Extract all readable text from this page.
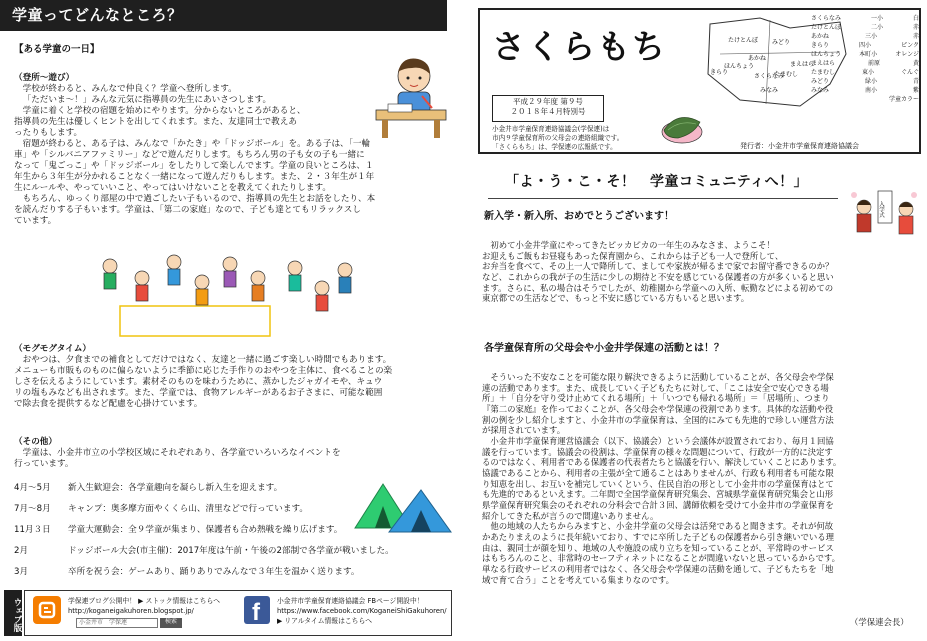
学童ってどんなところ？
【ある学童の一日】
（登所～遊び）

学校が終わると、みんなで仲良く？学童へ登所します。

「ただいま～！」みんな元気に指導員の先生にあいさつします。

学童に着くと学校の宿題を始めにやります。分からないところがあると、

指導員の先生は優しくヒントを出してくれます。また、友達同士で教えあ

ったりもします。

宿題が終わると、ある子は、みんなで「かたき」や「ドッジボール」を。ある子は、「一輪

車」や「シルバニアファミリー」などで遊んだりします。もちろん男の子も女の子も一緒に

なって「鬼ごっこ」や「ドッジボール」をしたりして楽しんでます。学童の良いところは、１

年生から３年生が分かれることなく一緒になって遊んだりもします。また、２・３年生が１年

生にルールや、やっていいこと、やってはいけないことを教えてくれたりします。

もちろん、ゆっくり部屋の中で過ごしたい子もいるので、指導員の先生とお話をしたり、本

を読んだりする子もいます。学童は、「第二の家庭」なので、子ども達とてもリラックスし

ています。

（モグモグタイム）

おやつは、夕食までの補食としてだけではなく、友達と一緒に過ごす楽しい時間でもあります。

メニューも市販ものものに偏らないように季節に応じた手作りのおやつを主体に、食べることの楽

しさを伝えるようにしています。素材そのものを味わうために、蒸かしたジャガイモや、キュウ

リの塩もみなども出されます。また、学童では、食物アレルギーがあるお子さまに、可能な範囲

で除去食を提供するなど配慮を心掛けています。

（その他）

学童は、小金井市立の小学校区域にそれぞれあり、各学童でいろいろなイベントを

行っています。

4月～5月	新入生歓迎会：各学童趣向を凝らし新入生を迎えます。
7月～8月	キャンプ：奥多摩方面やくくら山、清里などで行っています。
11月３日	学童大運動会：全９学童が集まり、保護者も合め熱戦を繰り広げます。
2月	ドッジボール大会(市主催)：2017年度は午前・午後の2部制で各学童が戦いました。
3月	卒所を祝う会：ゲームあり、踊りありでみんなで３年生を温かく送ります。
ウェブ版	学保連ブログ公開中！ ▶ ストック情報はこちらへ
http://koganeigakuhoren.blogspot.jp/
小金井市　学保連	検索	f	小金井市学童保育連絡協議会 FBページ開設中！
https://www.facebook.com/KoganeiShiGakuhoren/
▶ リアルタイム情報はこちらへ
さくらもち	たけとんぼ みどり
あかね
きらり
ほんちょう
さくらなみ
まえはら
たまむし
みなみ
さくらなみ	一小	白
たけとんぼ	二小	赤
あかね	三小	赤
きらり	四小	ピンク
ほんちょう	本町小	オレンジ
まえはら	前原	黄
たまむし	東小	ぐんぐ
みどり	緑小	青
みなみ	南小	紫
学童カラー
平成２９年度 第９号
２０１８年４月特別号
小金井市学童保育連絡協議会(学保連)は
市内９学童保育所の父母会の連絡組織です。
「さくらもち」は、学保連の広報紙です。	発行者：小金井市学童保育連絡協議会
「よ・う・こ・そ！　学童コミュニティへ！」
入学式
新入学・新入所、おめでとうございます！

初めて小金井学童にやってきたピッカピカの一年生のみなさま、ようこそ！

お迎えもご飯もお昼寝もあった保育園から、これからは子ども一人で登所して、

お弁当を食べて、その上一人で降所して、ましてや家族が帰るまで家でお留守番できるのか？

など、これからの我が子の生活に少しの期待と不安を感じている保護者の方が多くいると思い

ます。さらに、私の場合はそうでしたが、幼稚園から学童への入所、転勤などによる初めての

東京都での生活などで、もっと不安に感じている方もいると思います。

各学童保育所の父母会や小金井学保連の活動とは！？

そういった不安なことを可能な限り解決できるように活動していることが、各父母会や学保

連の活動であります。また、成長していく子どもたちに対して、「ここは安全で安心できる場

所」＋「自分を守り受け止めてくれる場所」＋「いつでも帰れる場所」＝「居場所」、つまり

『第二の家庭』を作っておくことが、各父母会や学保連の役割であります。具体的な活動や役

割の例を少し紹介しますと、小金井市の学童保育は、全国的にみても先進的で珍しい運営方法

が採用されています。

小金井市学童保育運営協議会（以下、協議会）という会議体が設置されており、毎月１回協

議を行っています。協議会の役割は、学童保育の様々な問題について、行政が一方的に決定す

るのではなく、利用者である保護者の代表者たちと協議を行い、解決していくことにあります。

協議であることから、利用者の主張が全て通ることはありませんが、行政も利用者も可能な限

り知恵を出し、お互いを補完していくという、住民自治の形として小金井市の学童保育はとて

も先進的であるといえます。二年間で全国学童保育研究集会、宮城県学童保育研究集会と山形

県学童保育研究集会のそれぞれの分科会で合計３回、講師依頼を受けて小金井市の学童保育を

紹介してきた私が言うので間違いありません。

他の地域の人たちからみますと、小金井学童の父母会は活発であると聞きます。それが何故

かあたりまえのように長年続いており、すでに卒所した子どもの保護者から引き継いでいる理

由は、親同士が顔を知り、地域の人や施設の成り立ちを知っていることが、平常時のサービス

はもちろんのこと、非常時のセーフティネットになることが間違いないと思っているからです。

単なる行政サービスの利用者ではなく、各父母会や学保連の活動を通して、子どもたちを「地

域で育て合う」ことを考えている集まりなのです。

（学保連会長）
